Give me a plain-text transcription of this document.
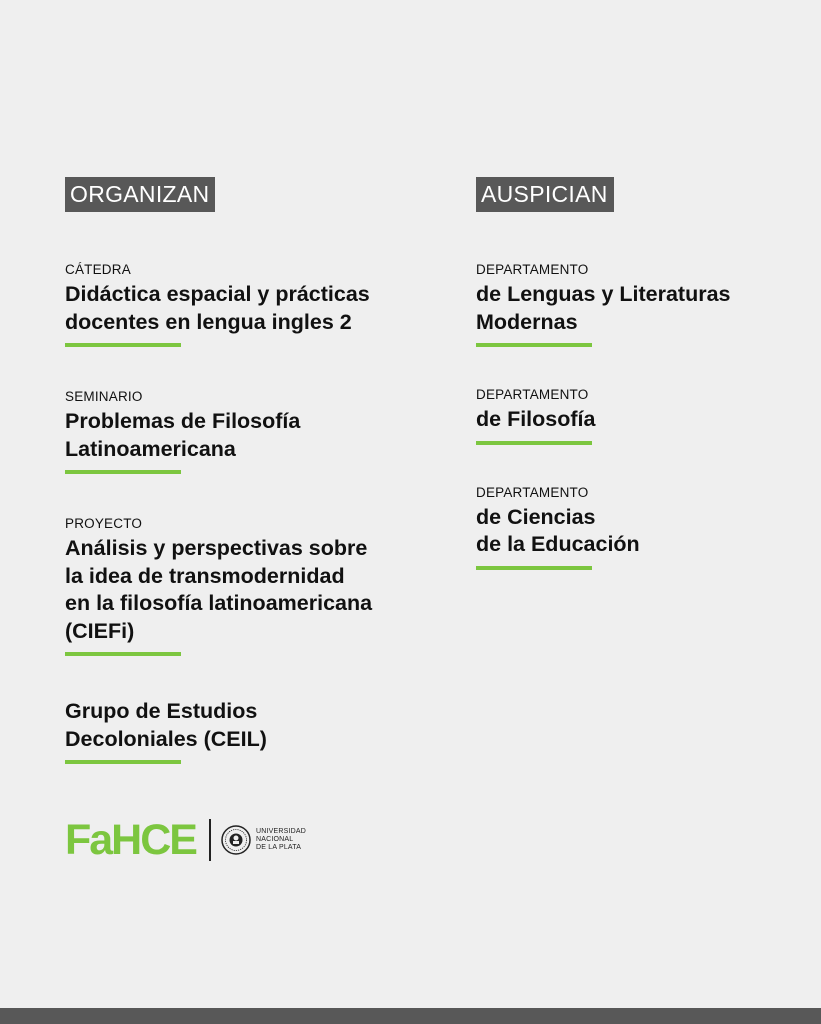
ORGANIZAN
CÁTEDRA

Didáctica espacial y prácticas
docentes en lengua ingles 2

SEMINARIO

Problemas de Filosofía
Latinoamericana

PROYECTO

Análisis y perspectivas sobre
la idea de transmodernidad
en la filosofía latinoamericana
(CIEFi)

Grupo de Estudios
Decoloniales (CEIL)

AUSPICIAN
DEPARTAMENTO

de Lenguas y Literaturas
Modernas

DEPARTAMENTO

de Filosofía

DEPARTAMENTO

de Ciencias
de la Educación

FaHCE	UNIVERSIDAD
NACIONAL
DE LA PLATA
